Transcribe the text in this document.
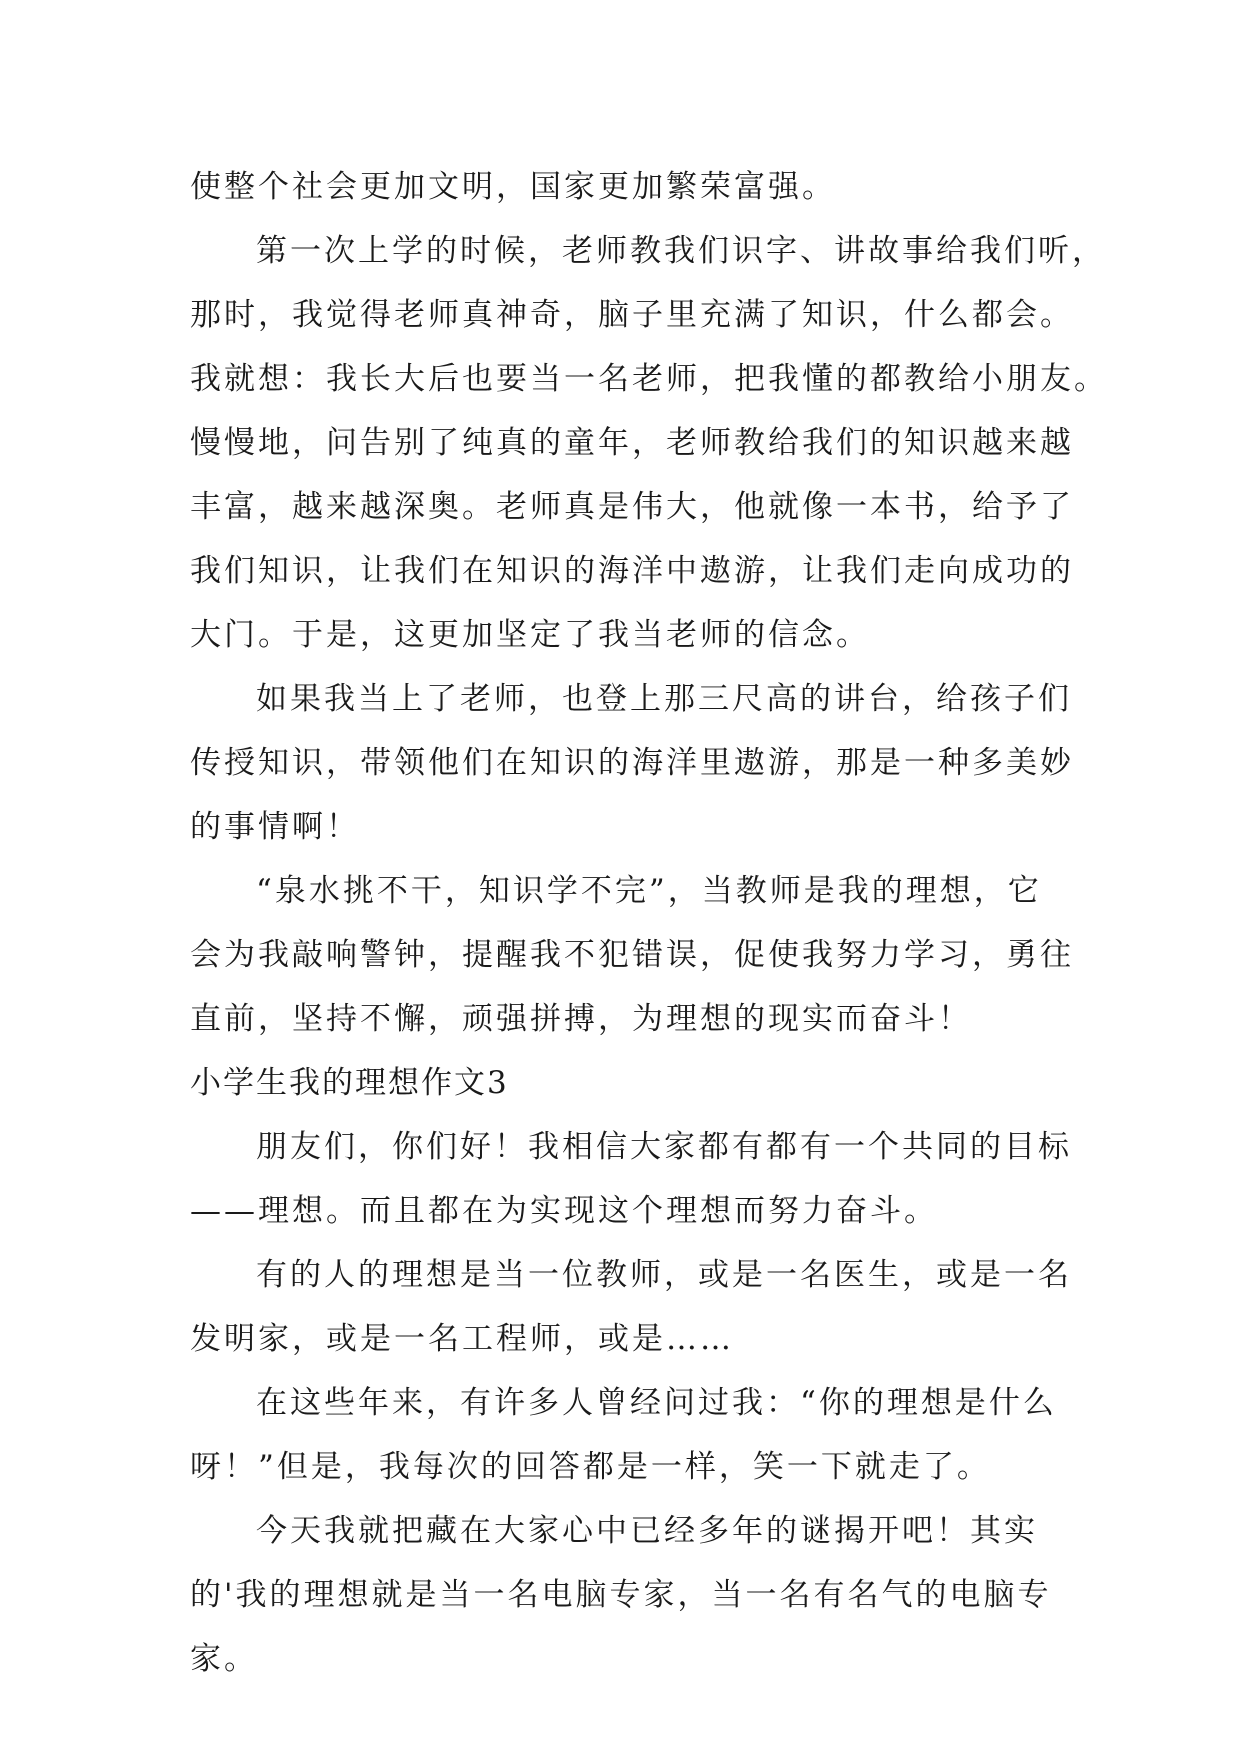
使整个社会更加文明，国家更加繁荣富强。
第一次上学的时候，老师教我们识字、讲故事给我们听，
那时，我觉得老师真神奇，脑子里充满了知识，什么都会。
我就想：我长大后也要当一名老师，把我懂的都教给小朋友。
慢慢地，问告别了纯真的童年，老师教给我们的知识越来越
丰富，越来越深奥。老师真是伟大，他就像一本书，给予了
我们知识，让我们在知识的海洋中遨游，让我们走向成功的
大门。于是，这更加坚定了我当老师的信念。
如果我当上了老师，也登上那三尺高的讲台，给孩子们
传授知识，带领他们在知识的海洋里遨游，那是一种多美妙
的事情啊！
“泉水挑不干，知识学不完”，当教师是我的理想，它
会为我敲响警钟，提醒我不犯错误，促使我努力学习，勇往
直前，坚持不懈，顽强拼搏，为理想的现实而奋斗！
小学生我的理想作文3
朋友们，你们好！我相信大家都有都有一个共同的目标
——理想。而且都在为实现这个理想而努力奋斗。
有的人的理想是当一位教师，或是一名医生，或是一名
发明家，或是一名工程师，或是……
在这些年来，有许多人曾经问过我：“你的理想是什么
呀！”但是，我每次的回答都是一样，笑一下就走了。
今天我就把藏在大家心中已经多年的谜揭开吧！其实
的'我的理想就是当一名电脑专家，当一名有名气的电脑专
家。
